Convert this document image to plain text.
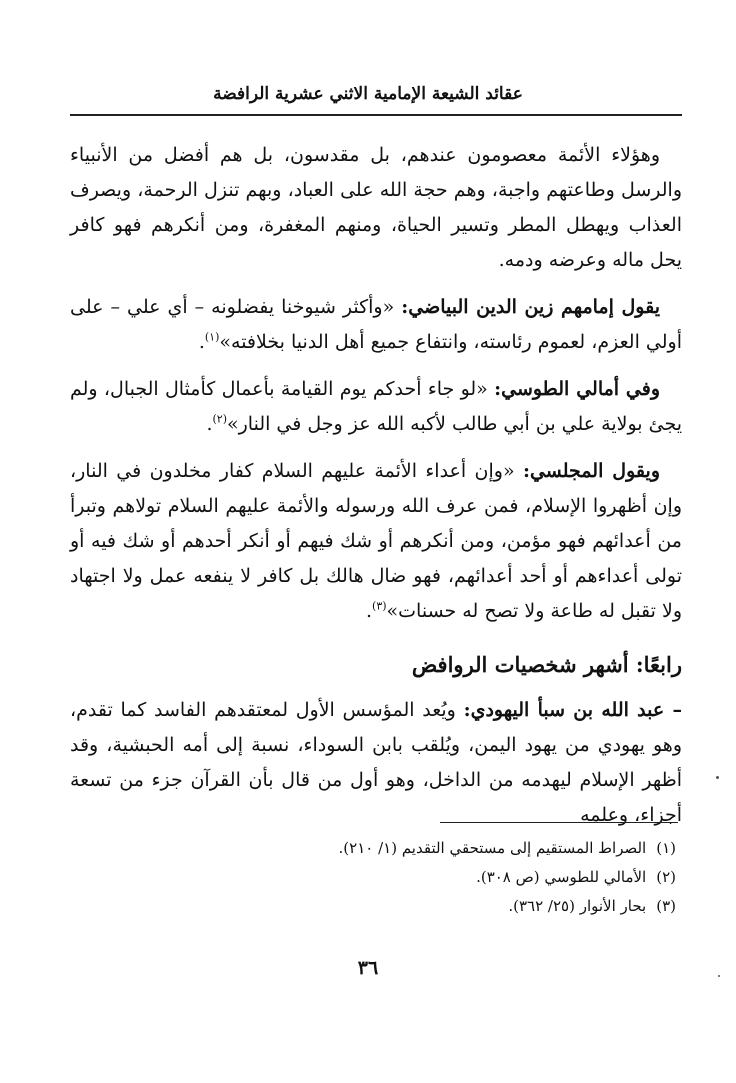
عقائد الشيعة الإمامية الاثني عشرية الرافضة

وهؤلاء الأئمة معصومون عندهم، بل مقدسون، بل هم أفضل من الأنبياء والرسل وطاعتهم واجبة، وهم حجة الله على العباد، وبهم تنزل الرحمة، ويصرف العذاب ويهطل المطر وتسير الحياة، ومنهم المغفرة، ومن أنكرهم فهو كافر يحل ماله وعرضه ودمه.

يقول إمامهم زين الدين البياضي: «وأكثر شيوخنا يفضلونه – أي علي – على أولي العزم، لعموم رئاسته، وانتفاع جميع أهل الدنيا بخلافته»$^{(١)}$.

وفي أمالي الطوسي: «لو جاء أحدكم يوم القيامة بأعمال كأمثال الجبال، ولم يجئ بولاية علي بن أبي طالب لأكبه الله عز وجل في النار»$^{(٢)}$.

ويقول المجلسي: «وإن أعداء الأئمة عليهم السلام كفار مخلدون في النار، وإن أظهروا الإسلام، فمن عرف الله ورسوله والأئمة عليهم السلام تولاهم وتبرأ من أعدائهم فهو مؤمن، ومن أنكرهم أو شك فيهم أو أنكر أحدهم أو شك فيه أو تولى أعداءهم أو أحد أعدائهم، فهو ضال هالك بل كافر لا ينفعه عمل ولا اجتهاد ولا تقبل له طاعة ولا تصح له حسنات»$^{(٣)}$.

رابعًا: أشهر شخصيات الروافض

– عبد الله بن سبأ اليهودي: ويُعد المؤسس الأول لمعتقدهم الفاسد كما تقدم، وهو يهودي من يهود اليمن، ويُلقب بابن السوداء، نسبة إلى أمه الحبشية، وقد أظهر الإسلام ليهدمه من الداخل، وهو أول من قال بأن القرآن جزء من تسعة أجزاء، وعلمه

(١)
الصراط المستقيم إلى مستحقي التقديم (١/ ٢١٠).
(٢)
الأمالي للطوسي (ص ٣٠٨).
(٣)
بحار الأنوار (٢٥/ ٣٦٢).
٣٦
